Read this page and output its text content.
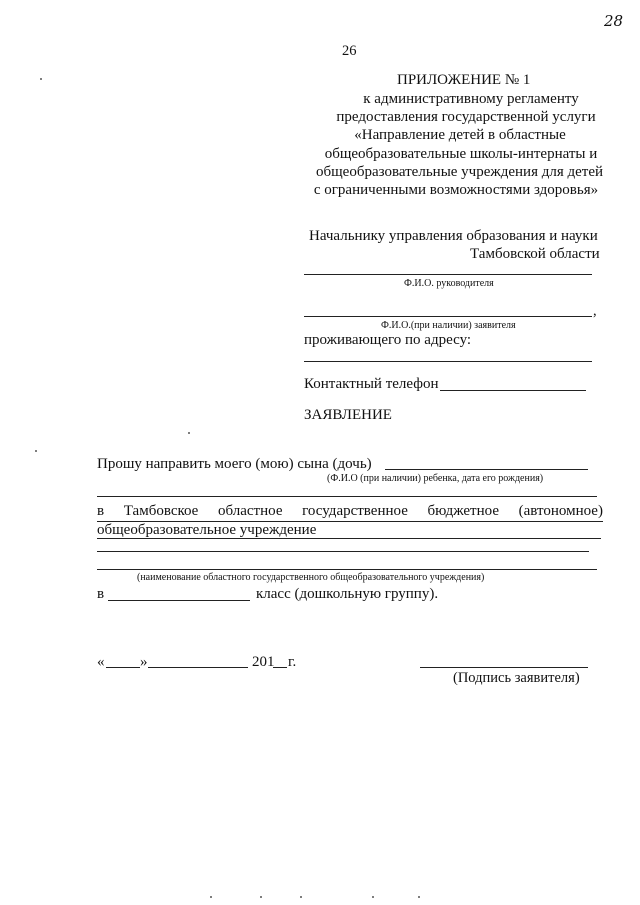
28
26
ПРИЛОЖЕНИЕ № 1
к административному регламенту
предоставления государственной услуги
«Направление детей в областные
общеобразовательные школы-интернаты и
общеобразовательные учреждения для детей
с ограниченными возможностями здоровья»
Начальнику управления образования и науки
Тамбовской области
Ф.И.О. руководителя
,
Ф.И.О.(при наличии) заявителя
проживающего по адресу:
Контактный телефон
ЗАЯВЛЕНИЕ
Прошу направить моего (мою) сына (дочь)
(Ф.И.О (при наличии) ребенка, дата его рождения)
в Тамбовское областное государственное бюджетное (автономное)
общеобразовательное учреждение
(наименование областного государственного общеобразовательного учреждения)
в	класс (дошкольную группу).
« »	201 г.
(Подпись заявителя)
